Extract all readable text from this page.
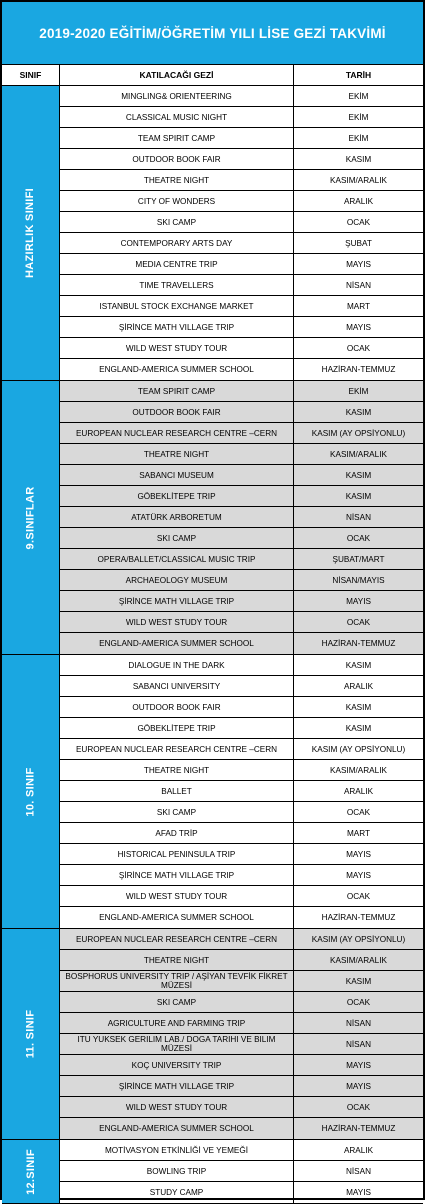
2019-2020 EĞİTİM/ÖĞRETİM YILI LİSE GEZİ TAKVİMİ
SINIF	KATILACAĞI GEZİ	TARİH
HAZIRLIK SINIFI
MINGLING& ORIENTEERING	EKİM
CLASSICAL MUSIC NIGHT	EKİM
TEAM SPIRIT CAMP	EKİM
OUTDOOR BOOK FAIR	KASIM
THEATRE NIGHT	KASIM/ARALIK
CITY OF WONDERS	ARALIK
SKI CAMP	OCAK
CONTEMPORARY ARTS DAY	ŞUBAT
MEDIA CENTRE TRIP	MAYIS
TIME TRAVELLERS	NİSAN
ISTANBUL STOCK EXCHANGE MARKET	MART
ŞİRİNCE MATH VILLAGE TRIP	MAYIS
WILD WEST STUDY TOUR	OCAK
ENGLAND-AMERICA SUMMER SCHOOL	HAZİRAN-TEMMUZ
9.SINIFLAR
TEAM SPIRIT CAMP	EKİM
OUTDOOR BOOK FAIR	KASIM
EUROPEAN NUCLEAR RESEARCH CENTRE –CERN	KASIM (AY OPSİYONLU)
THEATRE NIGHT	KASIM/ARALIK
SABANCI MUSEUM	KASIM
GÖBEKLİTEPE TRIP	KASIM
ATATÜRK ARBORETUM	NİSAN
SKI CAMP	OCAK
OPERA/BALLET/CLASSICAL MUSIC TRIP	ŞUBAT/MART
ARCHAEOLOGY MUSEUM	NİSAN/MAYIS
ŞİRİNCE MATH VILLAGE TRIP	MAYIS
WILD WEST STUDY TOUR	OCAK
ENGLAND-AMERICA SUMMER SCHOOL	HAZİRAN-TEMMUZ
10. SINIF
DIALOGUE IN THE DARK	KASIM
SABANCI UNIVERSITY	ARALIK
OUTDOOR BOOK FAIR	KASIM
GÖBEKLİTEPE TRIP	KASIM
EUROPEAN NUCLEAR RESEARCH CENTRE –CERN	KASIM (AY OPSİYONLU)
THEATRE NIGHT	KASIM/ARALIK
BALLET	ARALIK
SKI CAMP	OCAK
AFAD TRİP	MART
HISTORICAL PENINSULA TRIP	MAYIS
ŞİRİNCE MATH VILLAGE TRIP	MAYIS
WILD WEST STUDY TOUR	OCAK
ENGLAND-AMERICA SUMMER SCHOOL	HAZİRAN-TEMMUZ
11. SINIF
EUROPEAN NUCLEAR RESEARCH CENTRE –CERN	KASIM (AY OPSİYONLU)
THEATRE NIGHT	KASIM/ARALIK
BOSPHORUS UNIVERSITY TRIP / AŞİYAN TEVFİK FİKRET MÜZESİ	KASIM
SKI CAMP	OCAK
AGRICULTURE AND FARMING TRIP	NİSAN
ITU YUKSEK GERILIM LAB./ DOGA TARIHI VE BILIM MÜZESİ	NİSAN
KOÇ UNIVERSITY TRIP	MAYIS
ŞİRİNCE MATH VILLAGE TRIP	MAYIS
WILD WEST STUDY TOUR	OCAK
ENGLAND-AMERICA SUMMER SCHOOL	HAZİRAN-TEMMUZ
12.SINIF	MOTİVASYON ETKİNLİĞİ VE YEMEĞİ	ARALIK
BOWLING TRIP	NİSAN
STUDY CAMP	MAYIS
